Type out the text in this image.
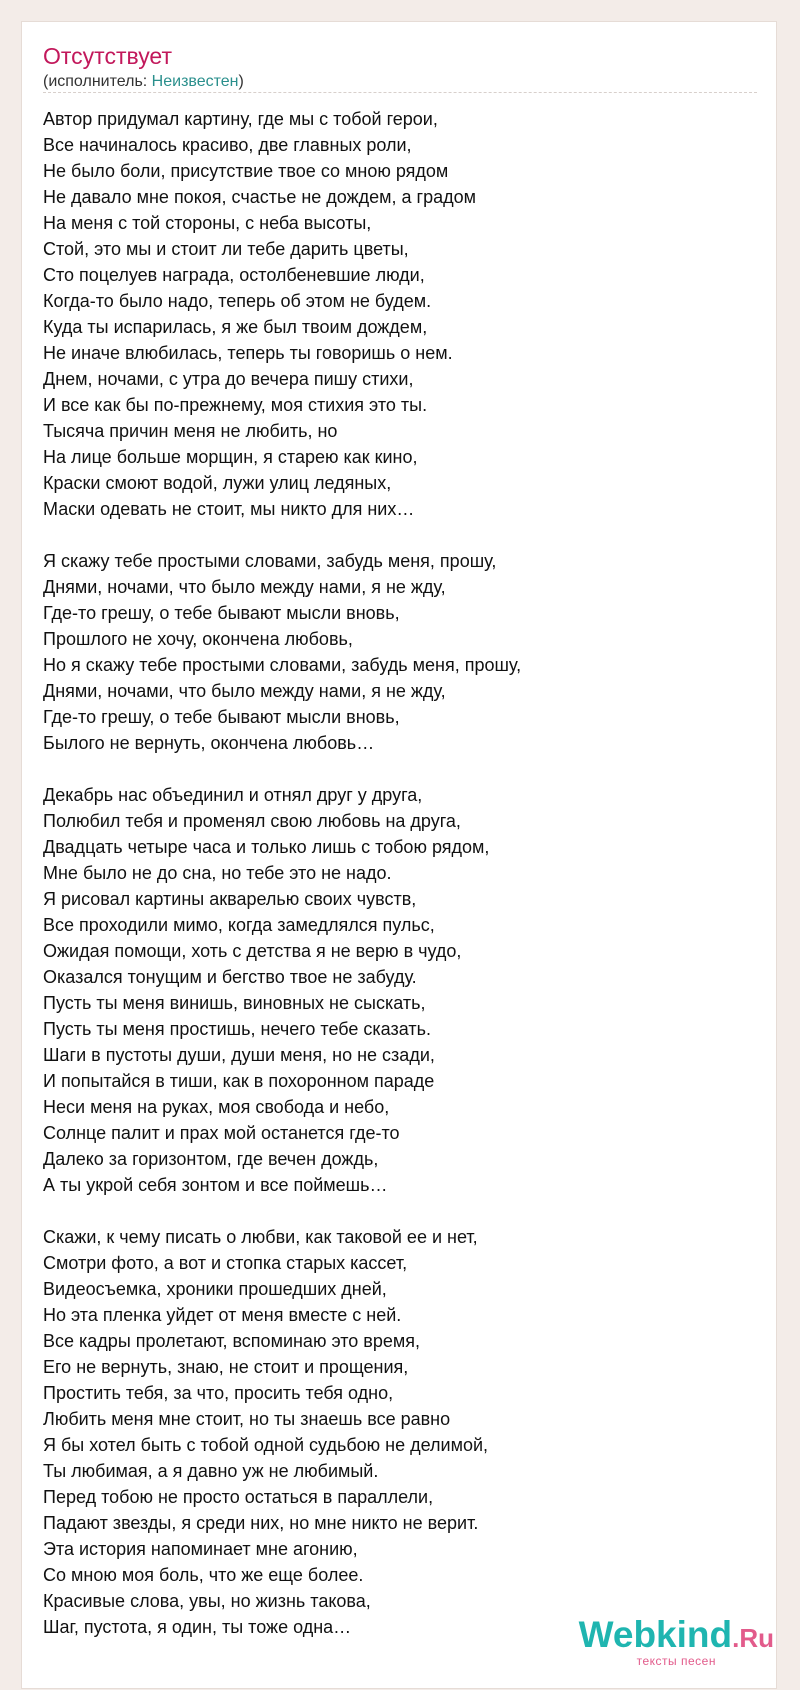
Отсутствует
(исполнитель: Неизвестен)
Автор придумал картину, где мы с тобой герои,
Все начиналось красиво, две главных роли,
Не было боли, присутствие твое со мною рядом
Не давало мне покоя, счастье не дождем, а градом
На меня с той стороны, с неба высоты,
Стой, это мы и стоит ли тебе дарить цветы,
Сто поцелуев награда, остолбеневшие люди,
Когда-то было надо, теперь об этом не будем.
Куда ты испарилась, я же был твоим дождем,
Не иначе влюбилась, теперь ты говоришь о нем.
Днем, ночами, с утра до вечера пишу стихи,
И все как бы по-прежнему, моя стихия это ты.
Тысяча причин меня не любить, но
На лице больше морщин, я старею как кино,
Краски смоют водой, лужи улиц ледяных,
Маски одевать не стоит, мы никто для них…
Я скажу тебе простыми словами, забудь меня, прошу,
Днями, ночами, что было между нами, я не жду,
Где-то грешу, о тебе бывают мысли вновь,
Прошлого не хочу, окончена любовь,
Но я скажу тебе простыми словами, забудь меня, прошу,
Днями, ночами, что было между нами, я не жду,
Где-то грешу, о тебе бывают мысли вновь,
Былого не вернуть, окончена любовь…
Декабрь нас объединил и отнял друг у друга,
Полюбил тебя и променял свою любовь на друга,
Двадцать четыре часа и только лишь с тобою рядом,
Мне было не до сна, но тебе это не надо.
Я рисовал картины акварелью своих чувств,
Все проходили мимо, когда замедлялся пульс,
Ожидая помощи, хоть с детства я не верю в чудо,
Оказался тонущим и бегство твое не забуду.
Пусть ты меня винишь, виновных не сыскать,
Пусть ты меня простишь, нечего тебе сказать.
Шаги в пустоты души, души меня, но не сзади,
И попытайся в тиши, как в похоронном параде
Неси меня на руках, моя свобода и небо,
Солнце палит и прах мой останется где-то
Далеко за горизонтом, где вечен дождь,
А ты укрой себя зонтом и все поймешь…
Скажи, к чему писать о любви, как таковой ее и нет,
Смотри фото, а вот и стопка старых кассет,
Видеосъемка, хроники прошедших дней,
Но эта пленка уйдет от меня вместе с ней.
Все кадры пролетают, вспоминаю это время,
Его не вернуть, знаю, не стоит и прощения,
Простить тебя, за что, просить тебя одно,
Любить меня мне стоит, но ты знаешь все равно
Я бы хотел быть с тобой одной судьбою не делимой,
Ты любимая, а я давно уж не любимый.
Перед тобою не просто остаться в параллели,
Падают звезды, я среди них, но мне никто не верит.
Эта история напоминает мне агонию,
Со мною моя боль, что же еще более.
Красивые слова, увы, но жизнь такова,
Шаг, пустота, я один, ты тоже одна…	Webkind.Ru
тексты песен
